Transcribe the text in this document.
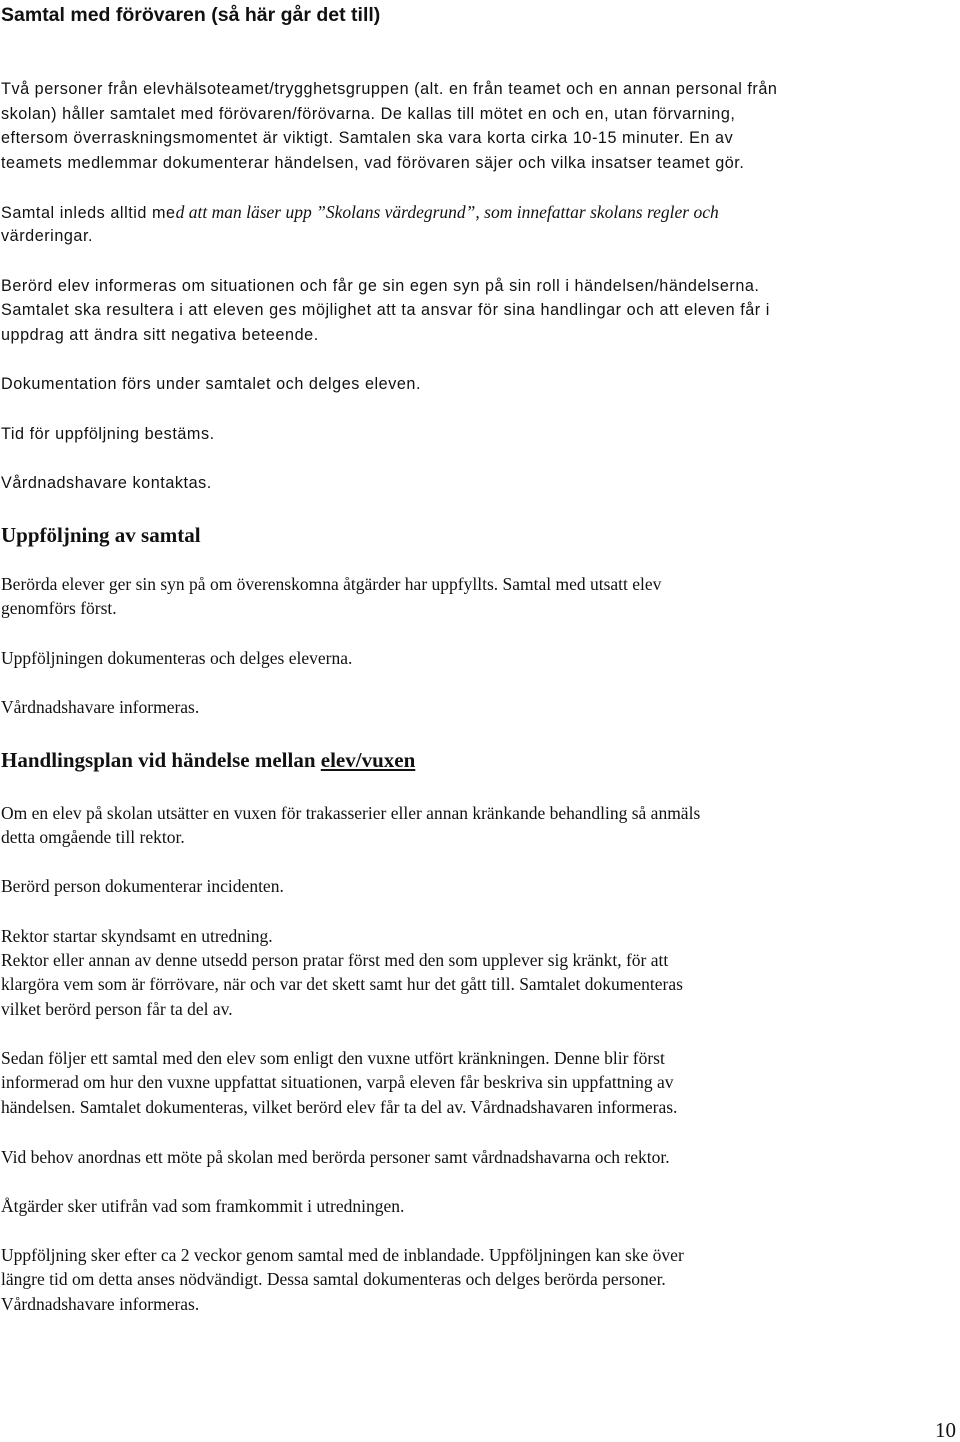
Samtal med förövaren (så här går det till)

Två personer från elevhälsoteamet/trygghetsgruppen (alt. en från teamet och en annan personal från

skolan) håller samtalet med förövaren/förövarna. De kallas till mötet en och en, utan förvarning,

eftersom överraskningsmomentet är viktigt. Samtalen ska vara korta cirka 10-15 minuter. En av

teamets medlemmar dokumenterar händelsen, vad förövaren säjer och vilka insatser teamet gör.

Samtal inleds alltid med att man läser upp ”Skolans värdegrund”, som innefattar skolans regler och

värderingar.

Berörd elev informeras om situationen och får ge sin egen syn på sin roll i händelsen/händelserna.

Samtalet ska resultera i att eleven ges möjlighet att ta ansvar för sina handlingar och att eleven får i

uppdrag att ändra sitt negativa beteende.

Dokumentation förs under samtalet och delges eleven.

Tid för uppföljning bestäms.

Vårdnadshavare kontaktas.

Uppföljning av samtal

Berörda elever ger sin syn på om överenskomna åtgärder har uppfyllts. Samtal med utsatt elev

genomförs först.

Uppföljningen dokumenteras och delges eleverna.

Vårdnadshavare informeras.

Handlingsplan vid händelse mellan elev/vuxen

Om en elev på skolan utsätter en vuxen för trakasserier eller annan kränkande behandling så anmäls

detta omgående till rektor.

Berörd person dokumenterar incidenten.

Rektor startar skyndsamt en utredning.

Rektor eller annan av denne utsedd person pratar först med den som upplever sig kränkt, för att

klargöra vem som är förrövare, när och var det skett samt hur det gått till. Samtalet dokumenteras

vilket berörd person får ta del av.

Sedan följer ett samtal med den elev som enligt den vuxne utfört kränkningen. Denne blir först

informerad om hur den vuxne uppfattat situationen, varpå eleven får beskriva sin uppfattning av

händelsen. Samtalet dokumenteras, vilket berörd elev får ta del av. Vårdnadshavaren informeras.

Vid behov anordnas ett möte på skolan med berörda personer samt vårdnadshavarna och rektor.

Åtgärder sker utifrån vad som framkommit i utredningen.

Uppföljning sker efter ca 2 veckor genom samtal med de inblandade. Uppföljningen kan ske över

längre tid om detta anses nödvändigt. Dessa samtal dokumenteras och delges berörda personer.

Vårdnadshavare informeras.

10
